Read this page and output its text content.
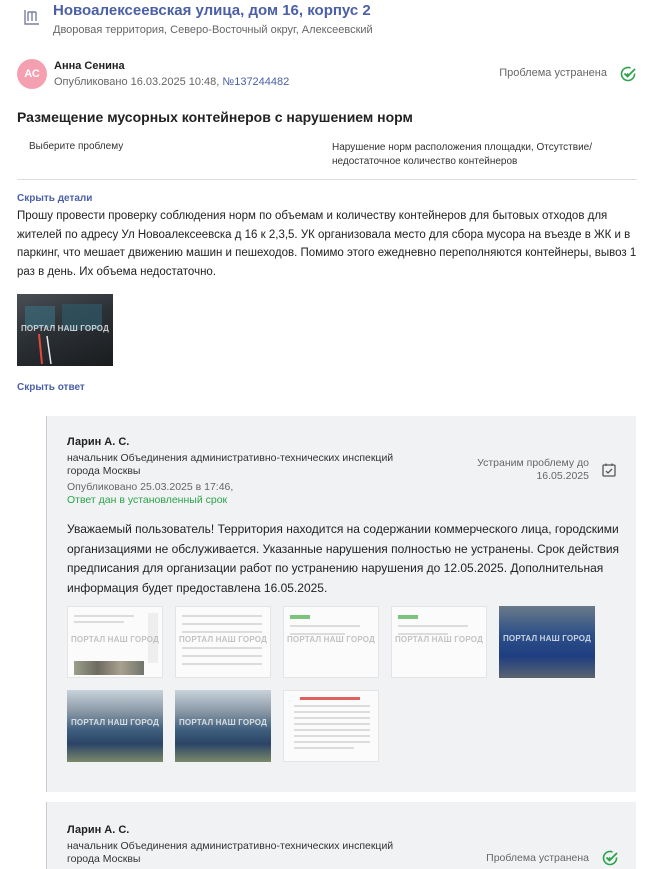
Новоалексеевская улица, дом 16, корпус 2
Дворовая территория, Северо-Восточный округ, Алексеевский
АС
Анна Сенина
Опубликовано 16.03.2025 10:48, №137244482
Проблема устранена
Размещение мусорных контейнеров с нарушением норм
Выберите проблему	Нарушение норм расположения площадки, Отсутствие/недостаточное количество контейнеров
Скрыть детали
Прошу провести проверку соблюдения норм по объемам и количеству контейнеров для бытовых отходов для жителей по адресу Ул Новоалексеевска д 16 к 2,3,5. УК организовала место для сбора мусора на въезде в ЖК и в паркинг, что мешает движению машин и пешеходов. Помимо этого ежедневно переполняются контейнеры, вывоз 1 раз в день. Их объема недостаточно.
ПОРТАЛ НАШ ГОРОД
Скрыть ответ
Ларин А. С.
начальник Объединения административно-технических инспекций города Москвы
Опубликовано 25.03.2025 в 17:46,
Ответ дан в установленный срок
Устраним проблему до 16.05.2025
Уважаемый пользователь! Территория находится на содержании коммерческого лица, городскими организациями не обслуживается. Указанные нарушения полностью не устранены. Срок действия предписания для организации работ по устранению нарушения до 12.05.2025. Дополнительная информация будет предоставлена 16.05.2025.
ПОРТАЛ НАШ ГОРОД	ПОРТАЛ НАШ ГОРОД	ПОРТАЛ НАШ ГОРОД	ПОРТАЛ НАШ ГОРОД	ПОРТАЛ НАШ ГОРОД
ПОРТАЛ НАШ ГОРОД	ПОРТАЛ НАШ ГОРОД
Ларин А. С.
начальник Объединения административно-технических инспекций города Москвы	Проблема устранена
